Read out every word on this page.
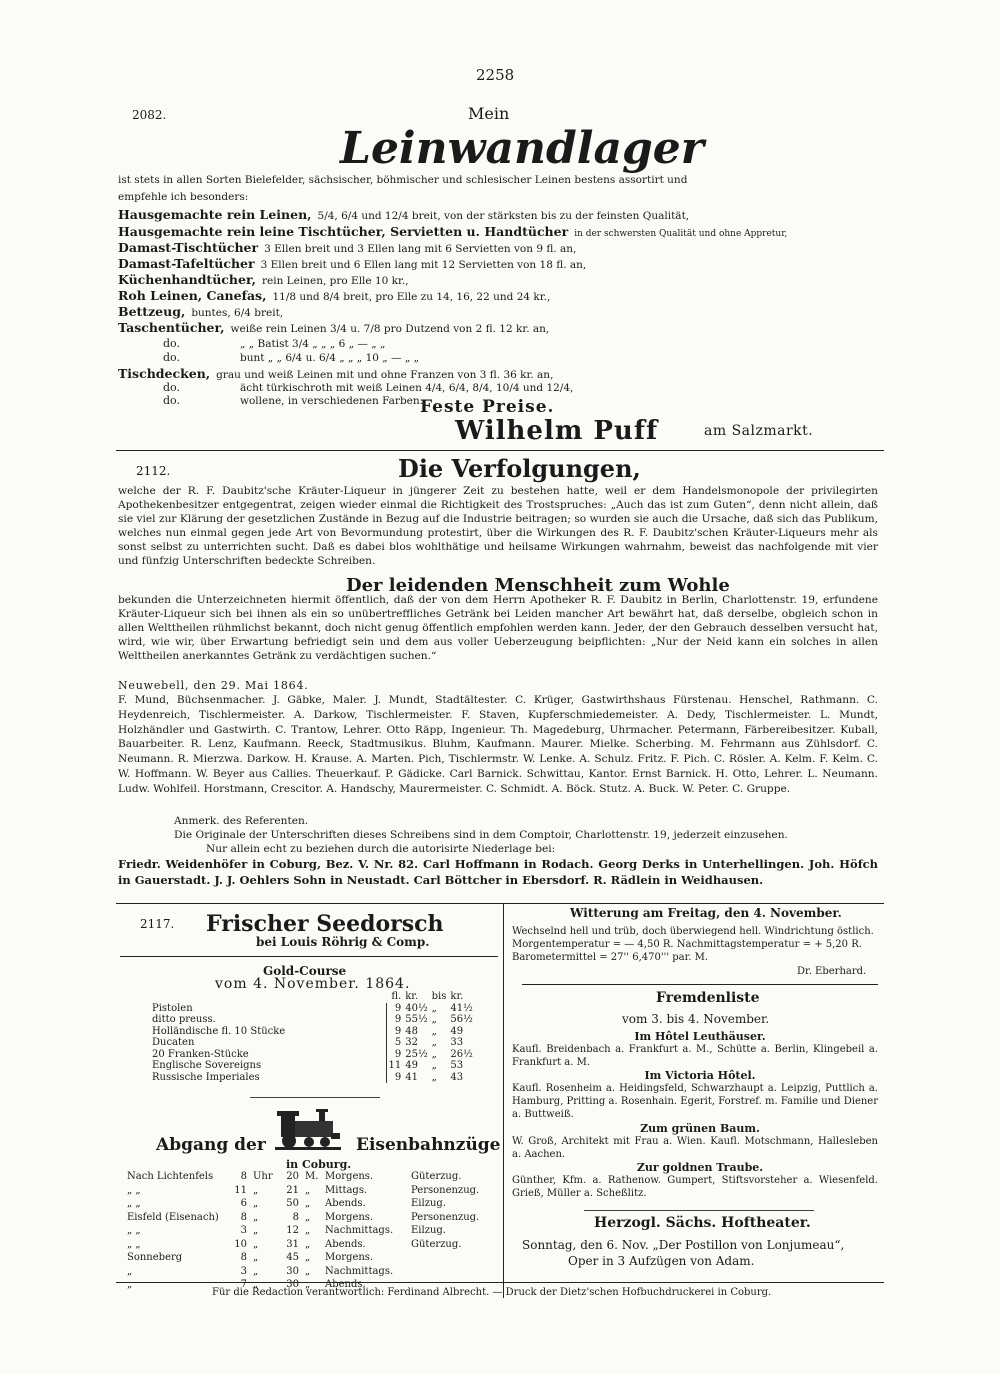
2258
2082.	Mein
Leinwandlager
ist stets in allen Sorten Bielefelder, sächsischer, böhmischer und schlesischer Leinen bestens assortirt und
empfehle ich besonders:
Hausgemachte rein Leinen, 5/4, 6/4 und 12/4 breit, von der stärksten bis zu der feinsten Qualität,
Hausgemachte rein leine Tischtücher, Servietten u. Handtücher in der schwersten Qualität und ohne Appretur,
Damast-Tischtücher 3 Ellen breit und 3 Ellen lang mit 6 Servietten von 9 fl. an,
Damast-Tafeltücher 3 Ellen breit und 6 Ellen lang mit 12 Servietten von 18 fl. an,
Küchenhandtücher, rein Leinen, pro Elle 10 kr.,
Roh Leinen, Canefas, 11/8 und 8/4 breit, pro Elle zu 14, 16, 22 und 24 kr.,
Bettzeug, buntes, 6/4 breit,
Taschentücher, weiße rein Leinen 3/4 u. 7/8 pro Dutzend von 2 fl. 12 kr. an,
do.	„ „ Batist 3/4 „ „ „ 6 „ — „ „
do.	bunt „ „ 6/4 u. 6/4 „ „ „ 10 „ — „ „
Tischdecken, grau und weiß Leinen mit und ohne Franzen von 3 fl. 36 kr. an,
do.	ächt türkischroth mit weiß Leinen 4/4, 6/4, 8/4, 10/4 und 12/4,
do.	wollene, in verschiedenen Farben.
Feste Preise.
Wilhelm Puff	am Salzmarkt.
2112.	Die Verfolgungen,
welche der R. F. Daubitz'sche Kräuter-Liqueur in jüngerer Zeit zu bestehen hatte, weil er dem Handelsmonopole der privilegirten Apothekenbesitzer entgegentrat, zeigen wieder einmal die Richtigkeit des Trostspruches: „Auch das ist zum Guten“, denn nicht allein, daß sie viel zur Klärung der gesetzlichen Zustände in Bezug auf die Industrie beitragen; so wurden sie auch die Ursache, daß sich das Publikum, welches nun einmal gegen jede Art von Bevormundung protestirt, über die Wirkungen des R. F. Daubitz'schen Kräuter-Liqueurs mehr als sonst selbst zu unterrichten sucht. Daß es dabei blos wohlthätige und heilsame Wirkungen wahrnahm, beweist das nachfolgende mit vier und fünfzig Unterschriften bedeckte Schreiben.
Der leidenden Menschheit zum Wohle
bekunden die Unterzeichneten hiermit öffentlich, daß der von dem Herrn Apotheker R. F. Daubitz in Berlin, Charlottenstr. 19, erfundene Kräuter-Liqueur sich bei ihnen als ein so unübertreffliches Getränk bei Leiden mancher Art bewährt hat, daß derselbe, obgleich schon in allen Welttheilen rühmlichst bekannt, doch nicht genug öffentlich empfohlen werden kann. Jeder, der den Gebrauch desselben versucht hat, wird, wie wir, über Erwartung befriedigt sein und dem aus voller Ueberzeugung beipflichten: „Nur der Neid kann ein solches in allen Welttheilen anerkanntes Getränk zu verdächtigen suchen.“
Neuwebell, den 29. Mai 1864.
F. Mund, Büchsenmacher. J. Gäbke, Maler. J. Mundt, Stadtältester. C. Krüger, Gastwirthshaus Fürstenau. Henschel, Rathmann. C. Heydenreich, Tischlermeister. A. Darkow, Tischlermeister. F. Staven, Kupferschmiedemeister. A. Dedy, Tischlermeister. L. Mundt, Holzhändler und Gastwirth. C. Trantow, Lehrer. Otto Räpp, Ingenieur. Th. Magedeburg, Uhrmacher. Petermann, Färbereibesitzer. Kuball, Bauarbeiter. R. Lenz, Kaufmann. Reeck, Stadtmusikus. Bluhm, Kaufmann. Maurer. Mielke. Scherbing. M. Fehrmann aus Zühlsdorf. C. Neumann. R. Mierzwa. Darkow. H. Krause. A. Marten. Pich, Tischlermstr. W. Lenke. A. Schulz. Fritz. F. Pich. C. Rösler. A. Kelm. F. Kelm. C. W. Hoffmann. W. Beyer aus Callies. Theuerkauf. P. Gädicke. Carl Barnick. Schwittau, Kantor. Ernst Barnick. H. Otto, Lehrer. L. Neumann. Ludw. Wohlfeil. Horstmann, Crescitor. A. Handschy, Maurermeister. C. Schmidt. A. Böck. Stutz. A. Buck. W. Peter. C. Gruppe.
Anmerk. des Referenten.
Die Originale der Unterschriften dieses Schreibens sind in dem Comptoir, Charlottenstr. 19, jederzeit einzusehen.
Nur allein echt zu beziehen durch die autorisirte Niederlage bei:
Friedr. Weidenhöfer in Coburg, Bez. V. Nr. 82. Carl Hoffmann in Rodach. Georg Derks in Unterhellingen. Joh. Höfch in Gauerstadt. J. J. Oehlers Sohn in Neustadt. Carl Böttcher in Ebersdorf. R. Rädlein in Weidhausen.
2117. Frischer Seedorsch
bei Louis Röhrig & Comp.
Gold-Course
vom 4. November. 1864.
	fl.	kr.	bis	kr.
Pistolen	9	40½	„	41½
ditto preuss.	9	55½	„	56½
Holländische fl. 10 Stücke	9	48	„	49
Ducaten	5	32	„	33
20 Franken-Stücke	9	25½	„	26½
Englische Sovereigns	11	49	„	53
Russische Imperiales	9	41	„	43
Abgang der	Eisenbahnzüge
in Coburg.
Nach Lichtenfels	8	Uhr	20	M.	Morgens.	Güterzug.
„ „	11	„	21	„	Mittags.	Personenzug.
„ „	6	„	50	„	Abends.	Eilzug.
Eisfeld (Eisenach)	8	„	8	„	Morgens.	Personenzug.
„ „	3	„	12	„	Nachmittags.	Eilzug.
„ „	10	„	31	„	Abends.	Güterzug.
Sonneberg	8	„	45	„	Morgens.	
„	3	„	30	„	Nachmittags.	
„	7	„	30	„	Abends.	
Witterung am Freitag, den 4. November.
Wechselnd hell und trüb, doch überwiegend hell. Windrichtung östlich.
Morgentemperatur = — 4,50 R. Nachmittagstemperatur = + 5,20 R.
Barometermittel = 27'' 6,470''' par. M.
Dr. Eberhard.
Fremdenliste
vom 3. bis 4. November.
Im Hôtel Leuthäuser.
Kaufl. Breidenbach a. Frankfurt a. M., Schütte a. Berlin, Klingebeil a. Frankfurt a. M.
Im Victoria Hôtel.
Kaufl. Rosenheim a. Heidingsfeld, Schwarzhaupt a. Leipzig, Puttlich a. Hamburg, Pritting a. Rosenhain. Egerit, Forstref. m. Familie und Diener a. Buttweiß.
Zum grünen Baum.
W. Groß, Architekt mit Frau a. Wien. Kaufl. Motschmann, Hallesleben a. Aachen.
Zur goldnen Traube.
Günther, Kfm. a. Rathenow. Gumpert, Stiftsvorsteher a. Wiesenfeld. Grieß, Müller a. Scheßlitz.
Herzogl. Sächs. Hoftheater.
Sonntag, den 6. Nov. „Der Postillon von Lonjumeau“,
Oper in 3 Aufzügen von Adam.
Für die Redaction verantwortlich: Ferdinand Albrecht. — Druck der Dietz'schen Hofbuchdruckerei in Coburg.
